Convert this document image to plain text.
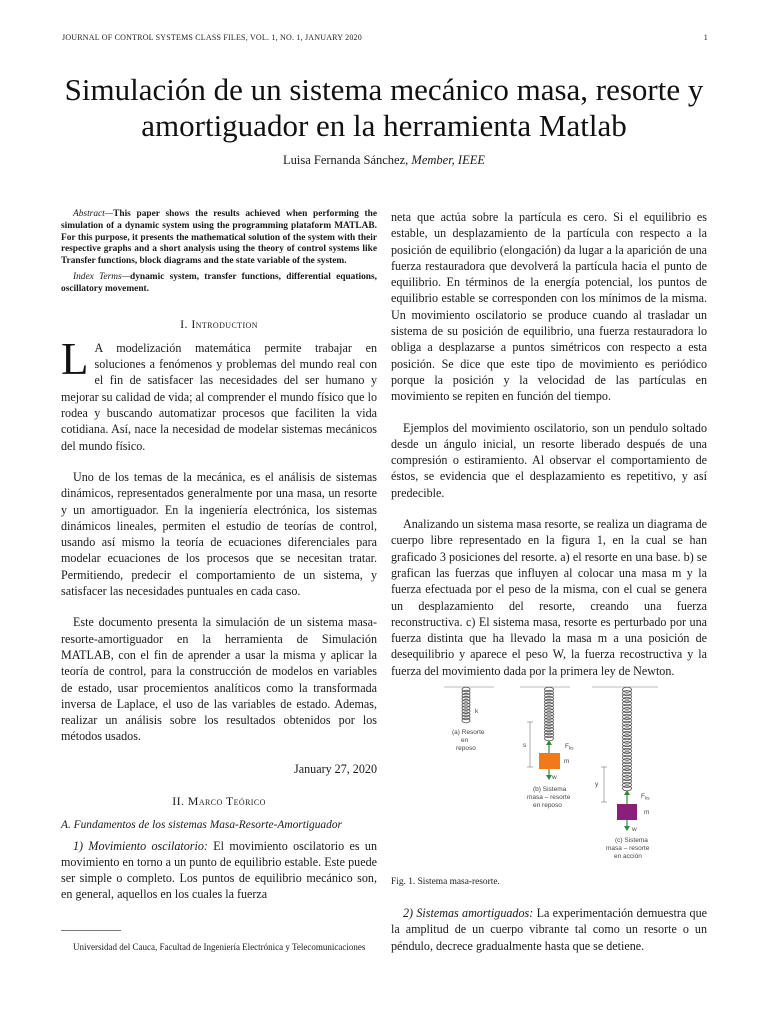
JOURNAL OF CONTROL SYSTEMS CLASS FILES, VOL. 1, NO. 1, JANUARY 2020	1
Simulación de un sistema mecánico masa, resorte y amortiguador en la herramienta Matlab
Luisa Fernanda Sánchez, Member, IEEE

Abstract—This paper shows the results achieved when performing the simulation of a dynamic system using the programming plataform MATLAB. For this purpose, it presents the mathematical solution of the system with their respective graphs and a short analysis using the theory of control systems like Transfer functions, block diagrams and the state variable of the system.

Index Terms—dynamic system, transfer functions, differential equations, oscillatory movement.

I. Introduction

L A modelización matemática permite trabajar en soluciones a fenómenos y problemas del mundo real con el fin de satisfacer las necesidades del ser humano y mejorar su calidad de vida; al comprender el mundo físico que lo rodea y buscando automatizar procesos que faciliten la vida cotidiana. Así, nace la necesidad de modelar sistemas mecánicos del mundo físico.

Uno de los temas de la mecánica, es el análisis de sistemas dinámicos, representados generalmente por una masa, un resorte y un amortiguador. En la ingeniería electrónica, los sistemas dinámicos lineales, permiten el estudio de teorías de control, usando así mismo la teoría de ecuaciones diferenciales para modelar ecuaciones de los procesos que se necesitan tratar. Permitiendo, predecir el comportamiento de un sistema, y satisfacer las necesidades puntuales en cada caso.

Este documento presenta la simulación de un sistema masa-resorte-amortiguador en la herramienta de Simulación MATLAB, con el fin de aprender a usar la misma y aplicar la teoría de control, para la construcción de modelos en variables de estado, usar procemientos analíticos como la transformada inversa de Laplace, el uso de las variables de estado. Ademas, realizar un análisis sobre los resultados obtenidos por los métodos usados.

January 27, 2020

II. Marco Teórico

A. Fundamentos de los sistemas Masa-Resorte-Amortiguador

1) Movimiento oscilatorio: El movimiento oscilatorio es un movimiento en torno a un punto de equilibrio estable. Este puede ser simple o completo. Los puntos de equilibrio mecánico son, en general, aquellos en los cuales la fuerza

Universidad del Cauca, Facultad de Ingeniería Electrónica y Telecomunicaciones

neta que actúa sobre la partícula es cero. Si el equilibrio es estable, un desplazamiento de la partícula con respecto a la posición de equilibrio (elongación) da lugar a la aparición de una fuerza restauradora que devolverá la partícula hacia el punto de equilibrio. En términos de la energía potencial, los puntos de equilibrio estable se corresponden con los mínimos de la misma. Un movimiento oscilatorio se produce cuando al trasladar un sistema de su posición de equilibrio, una fuerza restauradora lo obliga a desplazarse a puntos simétricos con respecto a esta posición. Se dice que este tipo de movimiento es periódico porque la posición y la velocidad de las partículas en movimiento se repiten en función del tiempo.

Ejemplos del movimiento oscilatorio, son un pendulo soltado desde un ángulo inicial, un resorte liberado después de una compresión o estiramiento. Al observar el comportamiento de éstos, se evidencia que el desplazamiento es repetitivo, y así predecible.

Analizando un sistema masa resorte, se realiza un diagrama de cuerpo libre representado en la figura 1, en la cual se han graficado 3 posiciones del resorte. a) el resorte en una base. b) se grafican las fuerzas que influyen al colocar una masa m y la fuerza efectuada por el peso de la misma, con el cual se genera un desplazamiento del resorte, creando una fuerza reconstructiva. c) El sistema masa, resorte es perturbado por una fuerza distinta que ha llevado la masa m a una posición de desequilibrio y aparece el peso W, la fuerza recostructiva y la fuerza del movimiento dada por la primera ley de Newton.

k
(a) Resorte
en
reposo	s	$F_{ks}$
m
w
(b) Sistema
masa – resorte
en reposo
y
$F_{ks}$
m
w
(c) Sistema
masa – resorte
en acción
Fig. 1. Sistema masa-resorte.
2) Sistemas amortiguados: La experimentación demuestra que la amplitud de un cuerpo vibrante tal como un resorte o un péndulo, decrece gradualmente hasta que se detiene.
